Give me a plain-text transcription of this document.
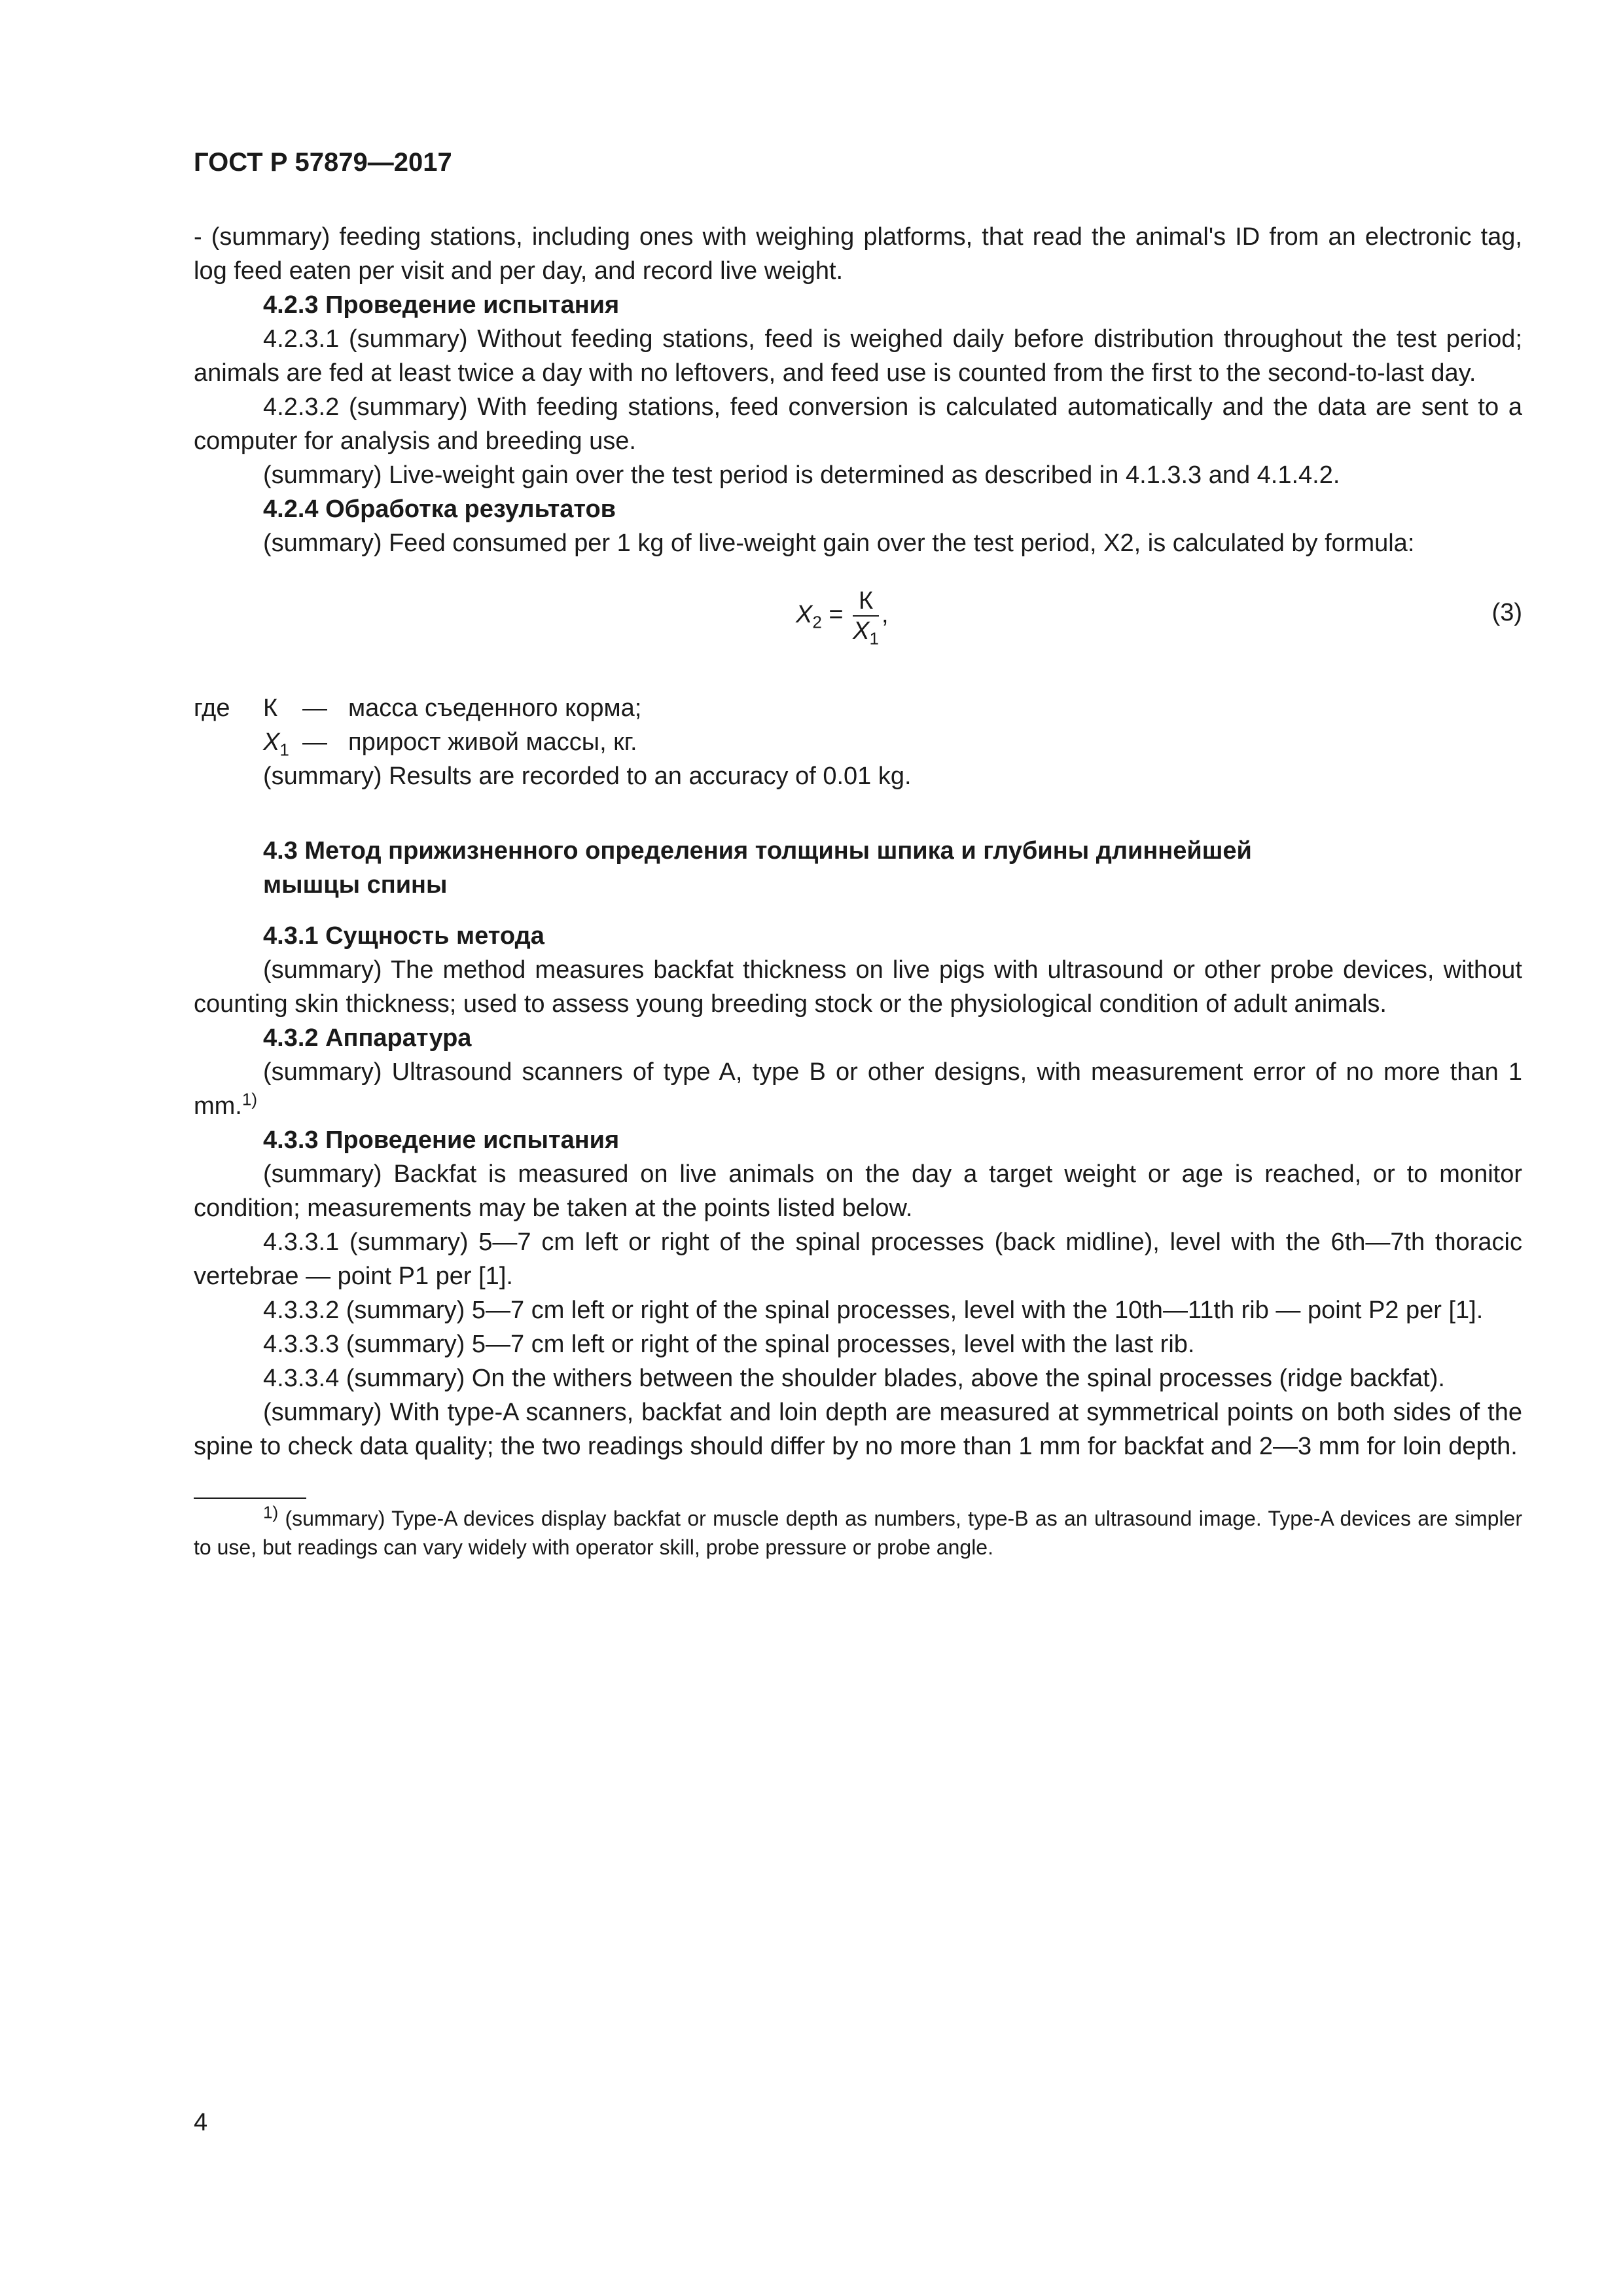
ГОСТ Р 57879—2017

- (summary) feeding stations, including ones with weighing platforms, that read the animal's ID from an electronic tag, log feed eaten per visit and per day, and record live weight.

4.2.3 Проведение испытания

4.2.3.1 (summary) Without feeding stations, feed is weighed daily before distribution throughout the test period; animals are fed at least twice a day with no leftovers, and feed use is counted from the first to the second-to-last day.

4.2.3.2 (summary) With feeding stations, feed conversion is calculated automatically and the data are sent to a computer for analysis and breeding use.

(summary) Live-weight gain over the test period is determined as described in 4.1.3.3 and 4.1.4.2.

4.2.4 Обработка результатов

(summary) Feed consumed per 1 kg of live-weight gain over the test period, X2, is calculated by formula:

$X_2 = \frac{К}{X_1}$ ,	(3)
где	К — масса съеденного корма;
$X_1$ — прирост живой массы, кг.

(summary) Results are recorded to an accuracy of 0.01 kg.

4.3 Метод прижизненного определения толщины шпика и глубины длиннейшей
мышцы спины

4.3.1 Сущность метода

(summary) The method measures backfat thickness on live pigs with ultrasound or other probe devices, without counting skin thickness; used to assess young breeding stock or the physiological condition of adult animals.

4.3.2 Аппаратура

(summary) Ultrasound scanners of type A, type B or other designs, with measurement error of no more than 1 mm.$^{1)}$

4.3.3 Проведение испытания

(summary) Backfat is measured on live animals on the day a target weight or age is reached, or to monitor condition; measurements may be taken at the points listed below.

4.3.3.1 (summary) 5—7 cm left or right of the spinal processes (back midline), level with the 6th—7th thoracic vertebrae — point P1 per [1].

4.3.3.2 (summary) 5—7 cm left or right of the spinal processes, level with the 10th—11th rib — point P2 per [1].

4.3.3.3 (summary) 5—7 cm left or right of the spinal processes, level with the last rib.

4.3.3.4 (summary) On the withers between the shoulder blades, above the spinal processes (ridge backfat).

(summary) With type-A scanners, backfat and loin depth are measured at symmetrical points on both sides of the spine to check data quality; the two readings should differ by no more than 1 mm for backfat and 2—3 mm for loin depth.

$^{1)}$ (summary) Type-A devices display backfat or muscle depth as numbers, type-B as an ultrasound image. Type-A devices are simpler to use, but readings can vary widely with operator skill, probe pressure or probe angle.

4
